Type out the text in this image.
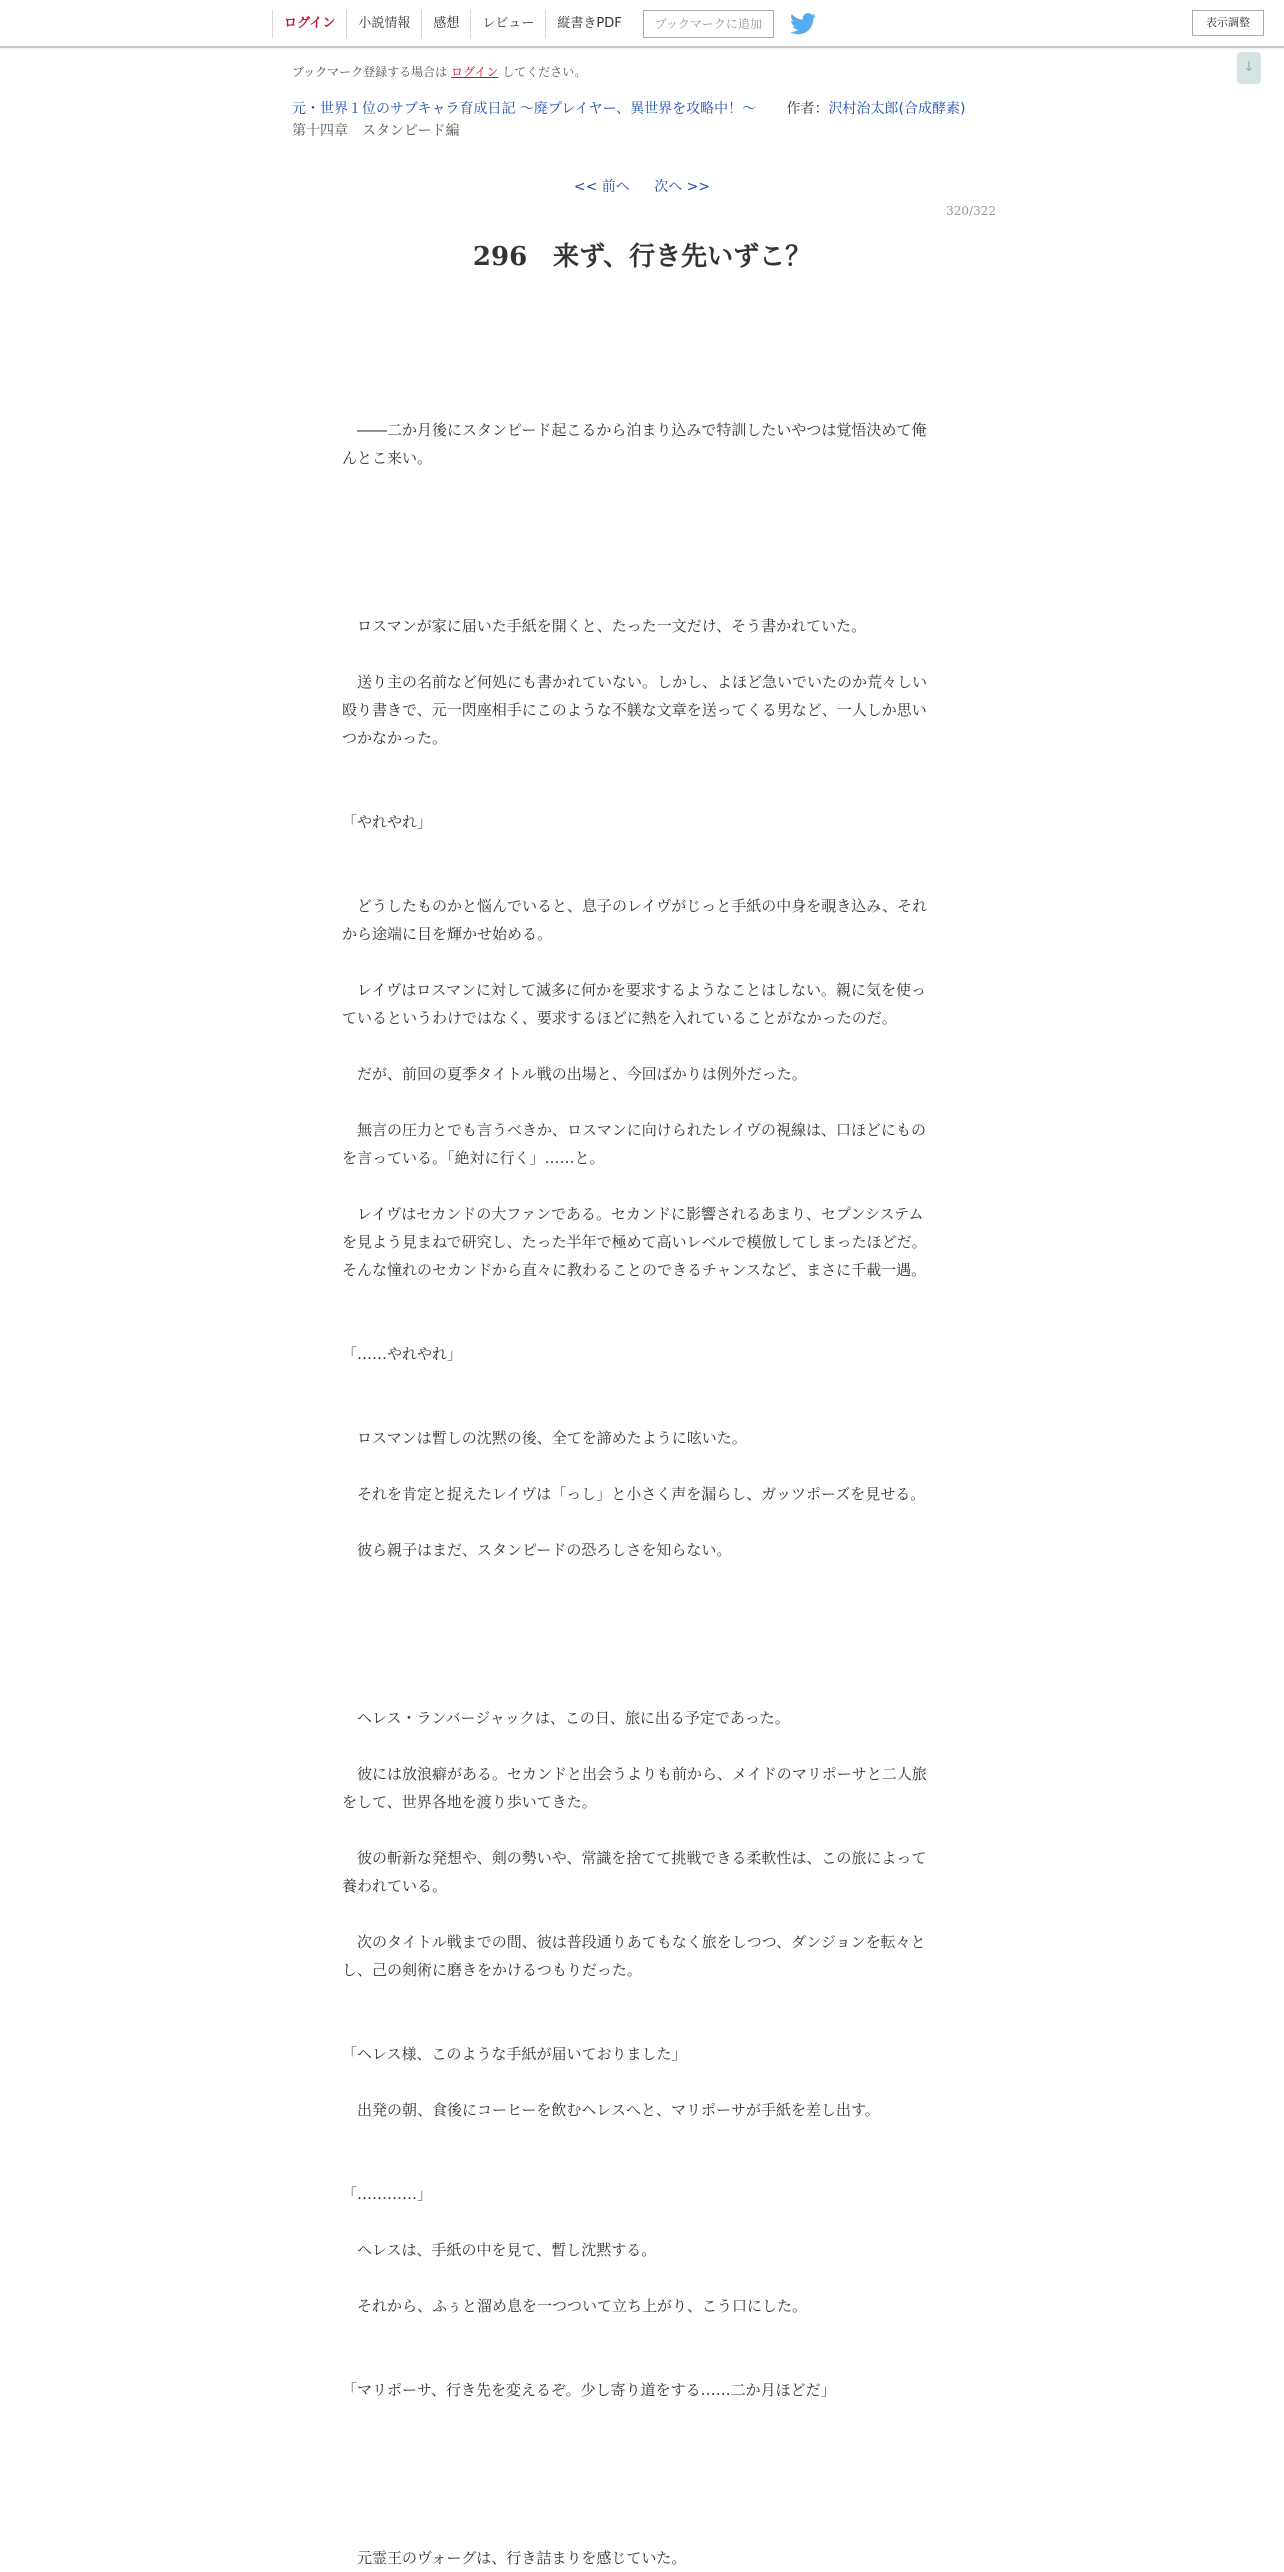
ログイン	小説情報	感想	レビュー	縦書きPDF	ブックマークに追加	表示調整
↓
ブックマーク登録する場合は ログイン してください。
元・世界１位のサブキャラ育成日記 ～廃プレイヤー、異世界を攻略中！～ 作者：沢村治太郎(合成酵素)
第十四章　スタンピード編
<< 前へ 次へ >>
320/322
296　来ず、行き先いずこ？

　――二か月後にスタンピード起こるから泊まり込みで特訓したいやつは覚悟決めて俺んとこ来い。

　ロスマンが家に届いた手紙を開くと、たった一文だけ、そう書かれていた。

　送り主の名前など何処にも書かれていない。しかし、よほど急いでいたのか荒々しい殴り書きで、元一閃座相手にこのような不躾な文章を送ってくる男など、一人しか思いつかなかった。

「やれやれ」

　どうしたものかと悩んでいると、息子のレイヴがじっと手紙の中身を覗き込み、それから途端に目を輝かせ始める。

　レイヴはロスマンに対して滅多に何かを要求するようなことはしない。親に気を使っているというわけではなく、要求するほどに熱を入れていることがなかったのだ。

　だが、前回の夏季タイトル戦の出場と、今回ばかりは例外だった。

　無言の圧力とでも言うべきか、ロスマンに向けられたレイヴの視線は、口ほどにものを言っている。「絶対に行く」……と。

　レイヴはセカンドの大ファンである。セカンドに影響されるあまり、セプンシステムを見よう見まねで研究し、たった半年で極めて高いレベルで模倣してしまったほどだ。そんな憧れのセカンドから直々に教わることのできるチャンスなど、まさに千載一遇。

「……やれやれ」

　ロスマンは暫しの沈黙の後、全てを諦めたように呟いた。

　それを肯定と捉えたレイヴは「っし」と小さく声を漏らし、ガッツポーズを見せる。

　彼ら親子はまだ、スタンピードの恐ろしさを知らない。

　ヘレス・ランバージャックは、この日、旅に出る予定であった。

　彼には放浪癖がある。セカンドと出会うよりも前から、メイドのマリポーサと二人旅をして、世界各地を渡り歩いてきた。

　彼の斬新な発想や、剣の勢いや、常識を捨てて挑戦できる柔軟性は、この旅によって養われている。

　次のタイトル戦までの間、彼は普段通りあてもなく旅をしつつ、ダンジョンを転々とし、己の剣術に磨きをかけるつもりだった。

「ヘレス様、このような手紙が届いておりました」

　出発の朝、食後にコーヒーを飲むヘレスへと、マリポーサが手紙を差し出す。

「…………」

　ヘレスは、手紙の中を見て、暫し沈黙する。

　それから、ふぅと溜め息を一つついて立ち上がり、こう口にした。

「マリポーサ、行き先を変えるぞ。少し寄り道をする……二か月ほどだ」

　元霊王のヴォーグは、行き詰まりを感じていた。
